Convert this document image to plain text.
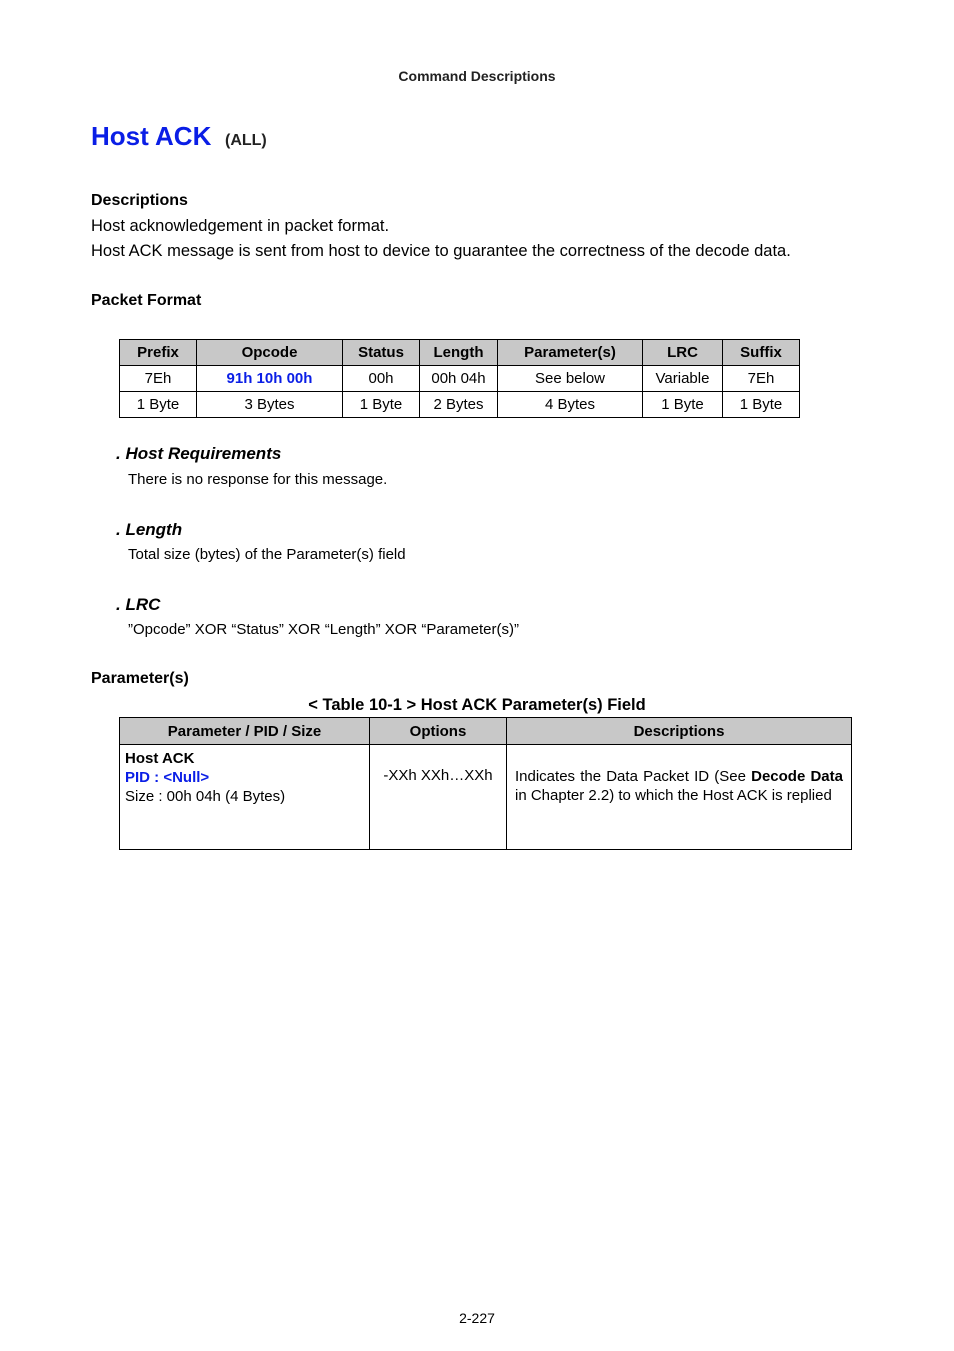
Command Descriptions
Host ACK (ALL)
Descriptions
Host acknowledgement in packet format.
Host ACK message is sent from host to device to guarantee the correctness of the decode data.
Packet Format
Prefix	Opcode	Status	Length	Parameter(s)	LRC	Suffix
7Eh	91h 10h 00h	00h	00h 04h	See below	Variable	7Eh
1 Byte	3 Bytes	1 Byte	2 Bytes	4 Bytes	1 Byte	1 Byte
. Host Requirements
There is no response for this message.
. Length
Total size (bytes) of the Parameter(s) field
. LRC
”Opcode” XOR “Status” XOR “Length” XOR “Parameter(s)”
Parameter(s)
< Table 10-1 > Host ACK Parameter(s) Field
Parameter / PID / Size	Options	Descriptions

Host ACK
PID : <Null>
Size : 00h 04h (4 Bytes)	-XXh XXh…XXh	Indicates the Data Packet ID (See Decode Data in Chapter 2.2) to which the Host ACK is replied
2-227
